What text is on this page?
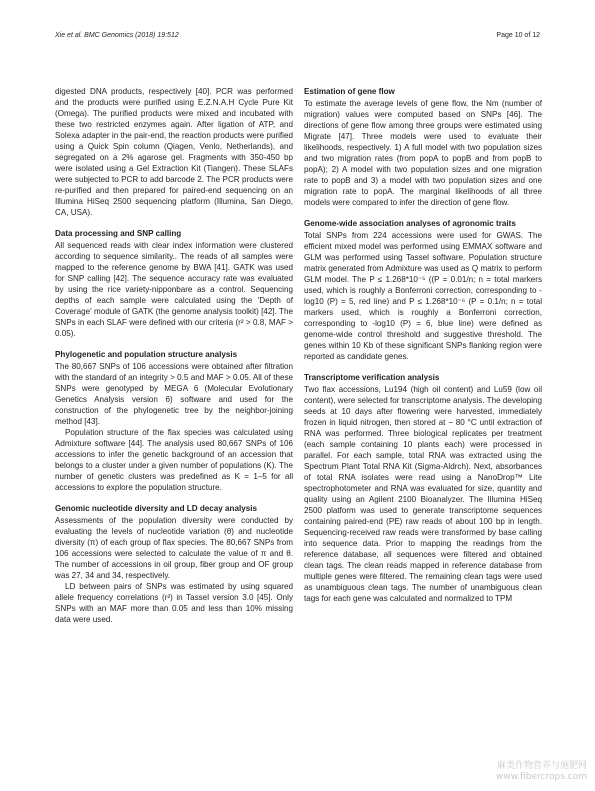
Xie et al. BMC Genomics (2018) 19:512	Page 10 of 12

digested DNA products, respectively [40]. PCR was performed and the products were purified using E.Z.N.A.H Cycle Pure Kit (Omega). The purified products were mixed and incubated with these two restricted enzymes again. After ligation of ATP, and Solexa adapter in the pair-end, the reaction products were purified using a Quick Spin column (Qiagen, Venlo, Netherlands), and segregated on a 2% agarose gel. Fragments with 350-450 bp were isolated using a Gel Extraction Kit (Tiangen). These SLAFs were subjected to PCR to add barcode 2. The PCR products were re-purified and then prepared for paired-end sequencing on an Illumina HiSeq 2500 sequencing platform (Illumina, San Diego, CA, USA).

Data processing and SNP calling

All sequenced reads with clear index information were clustered according to sequence similarity.. The reads of all samples were mapped to the reference genome by BWA [41]. GATK was used for SNP calling [42]. The sequence accuracy rate was evaluated by using the rice variety-nipponbare as a control. Sequencing depths of each sample were calculated using the 'Depth of Coverage' module of GATK (the genome analysis toolkit) [42]. The SNPs in each SLAF were defined with our criteria (r² > 0.8, MAF > 0.05).

Phylogenetic and population structure analysis

The 80,667 SNPs of 106 accessions were obtained after filtration with the standard of an integrity > 0.5 and MAF > 0.05. All of these SNPs were genotyped by MEGA 6 (Molecular Evolutionary Genetics Analysis version 6) software and used for the construction of the phylogenetic tree by the neighbor-joining method [43].

Population structure of the flax species was calculated using Admixture software [44]. The analysis used 80,667 SNPs of 106 accessions to infer the genetic background of an accession that belongs to a cluster under a given number of populations (K). The number of genetic clusters was predefined as K = 1–5 for all accessions to explore the population structure.

Genomic nucleotide diversity and LD decay analysis

Assessments of the population diversity were conducted by evaluating the levels of nucleotide variation (θ) and nucleotide diversity (π) of each group of flax species. The 80,667 SNPs from 106 accessions were selected to calculate the value of π and θ. The number of accessions in oil group, fiber group and OF group was 27, 34 and 34, respectively.

LD between pairs of SNPs was estimated by using squared allele frequency correlations (r²) in Tassel version 3.0 [45]. Only SNPs with an MAF more than 0.05 and less than 10% missing data were used.

Estimation of gene flow

To estimate the average levels of gene flow, the Nm (number of migration) values were computed based on SNPs [46]. The directions of gene flow among three groups were estimated using Migrate [47]. Three models were used to evaluate their likelihoods, respectively. 1) A full model with two population sizes and two migration rates (from popA to popB and from popB to popA); 2) A model with two population sizes and one migration rate to popB and 3) a model with two population sizes and one migration rate to popA. The marginal likelihoods of all three models were compared to infer the direction of gene flow.

Genome-wide association analyses of agronomic traits

Total SNPs from 224 accessions were used for GWAS. The efficient mixed model was performed using EMMAX software and GLM was performed using Tassel software. Population structure matrix generated from Admixture was used as Q matrix to perform GLM model. The P ≤ 1.268*10⁻⁵ ((P = 0.01/n; n = total markers used, which is roughly a Bonferroni correction, corresponding to -log10 (P) = 5, red line) and P ≤ 1.268*10⁻⁶ (P = 0.1/n; n = total markers used, which is roughly a Bonferroni correction, corresponding to -log10 (P) = 6, blue line) were defined as genome-wide control threshold and suggestive threshold. The genes within 10 Kb of these significant SNPs flanking region were reported as candidate genes.

Transcriptome verification analysis

Two flax accessions, Lu194 (high oil content) and Lu59 (low oil content), were selected for transcriptome analysis. The developing seeds at 10 days after flowering were harvested, immediately frozen in liquid nitrogen, then stored at − 80 °C until extraction of RNA was performed. Three biological replicates per treatment (each sample containing 10 plants each) were processed in parallel. For each sample, total RNA was extracted using the Spectrum Plant Total RNA Kit (Sigma-Aldrch). Next, absorbances of total RNA isolates were read using a NanoDrop™ Lite spectrophotometer and RNA was evaluated for size, quantity and quality using an Agilent 2100 Bioanalyzer. The Illumina HiSeq 2500 platform was used to generate transcriptome sequences containing paired-end (PE) raw reads of about 100 bp in length. Sequencing-received raw reads were transformed by base calling into sequence data. Prior to mapping the readings from the reference database, all sequences were filtered and obtained clean tags. The clean reads mapped in reference database from multiple genes were filtered. The remaining clean tags were used as unambiguous clean tags. The number of unambiguous clean tags for each gene was calculated and normalized to TPM

麻类作物营养与施肥网
www.fibercrops.com
